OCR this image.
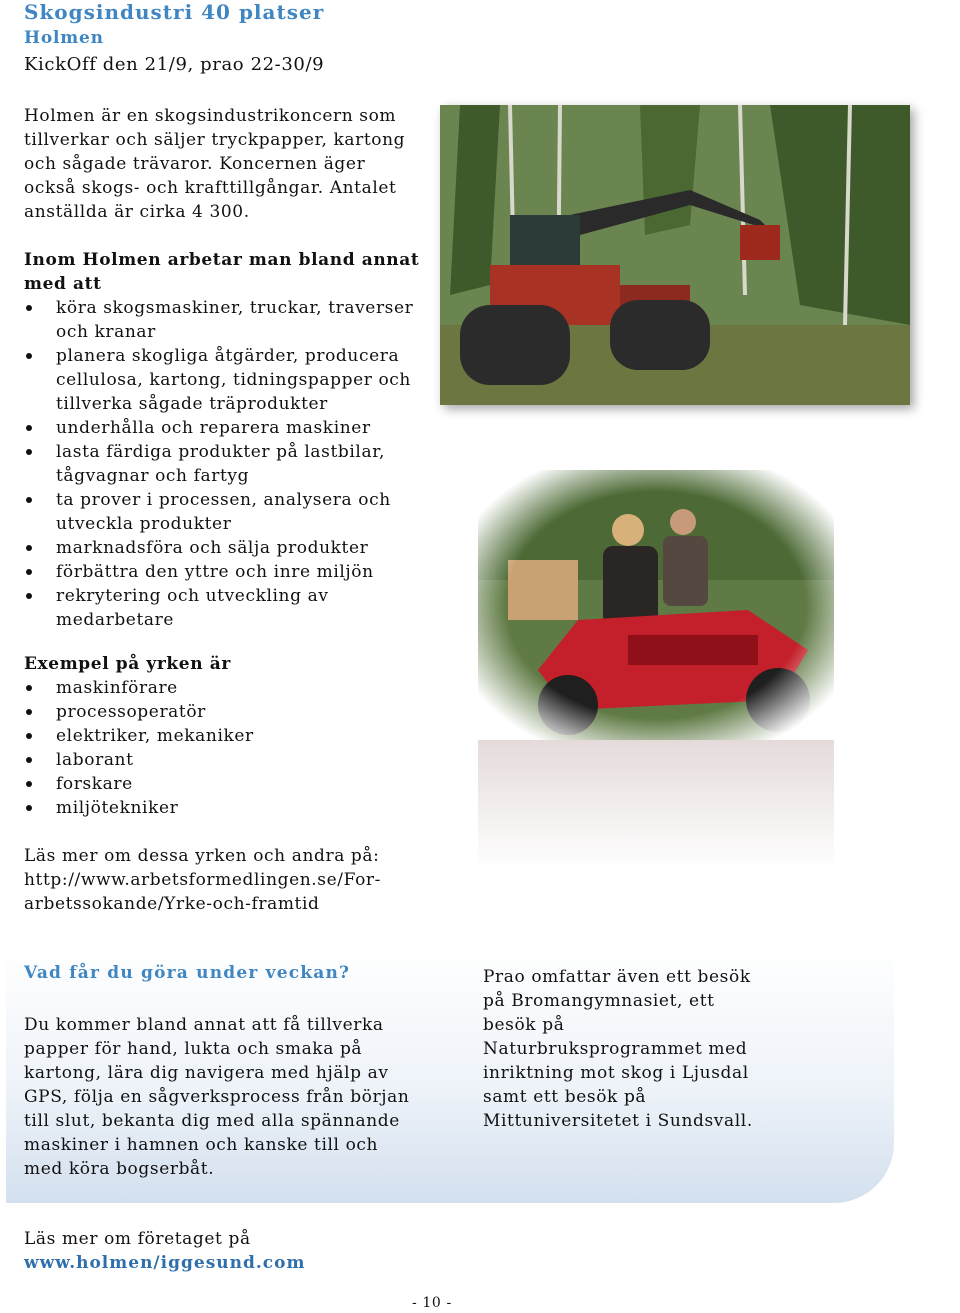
Skogsindustri 40 platser
Holmen
KickOff den 21/9, prao 22-30/9

Holmen är en skogsindustrikoncern som

tillverkar och säljer tryckpapper, kartong

och sågade trävaror. Koncernen äger

också skogs- och krafttillgångar. Antalet

anställda är cirka 4 300.

Inom Holmen arbetar man bland annat

med att

köra skogsmaskiner, truckar, traverser
och kranar
planera skogliga åtgärder, producera
cellulosa, kartong, tidningspapper och
tillverka sågade träprodukter
underhålla och reparera maskiner
lasta färdiga produkter på lastbilar,
tågvagnar och fartyg
ta prover i processen, analysera och
utveckla produkter
marknadsföra och sälja produkter
förbättra den yttre och inre miljön
rekrytering och utveckling av
medarbetare
Exempel på yrken är
maskinförare
processoperatör
elektriker, mekaniker
laborant
forskare
miljötekniker

Läs mer om dessa yrken och andra på:

http://www.arbetsformedlingen.se/For-

arbetssokande/Yrke-och-framtid

Vad får du göra under veckan?

Du kommer bland annat att få tillverka

papper för hand, lukta och smaka på

kartong, lära dig navigera med hjälp av

GPS, följa en sågverksprocess från början

till slut, bekanta dig med alla spännande

maskiner i hamnen och kanske till och

med köra bogserbåt.

Prao omfattar även ett besök

på Bromangymnasiet, ett

besök på

Naturbruksprogrammet med

inriktning mot skog i Ljusdal

samt ett besök på

Mittuniversitetet i Sundsvall.

Läs mer om företaget på
www.holmen/iggesund.com
- 10 -
